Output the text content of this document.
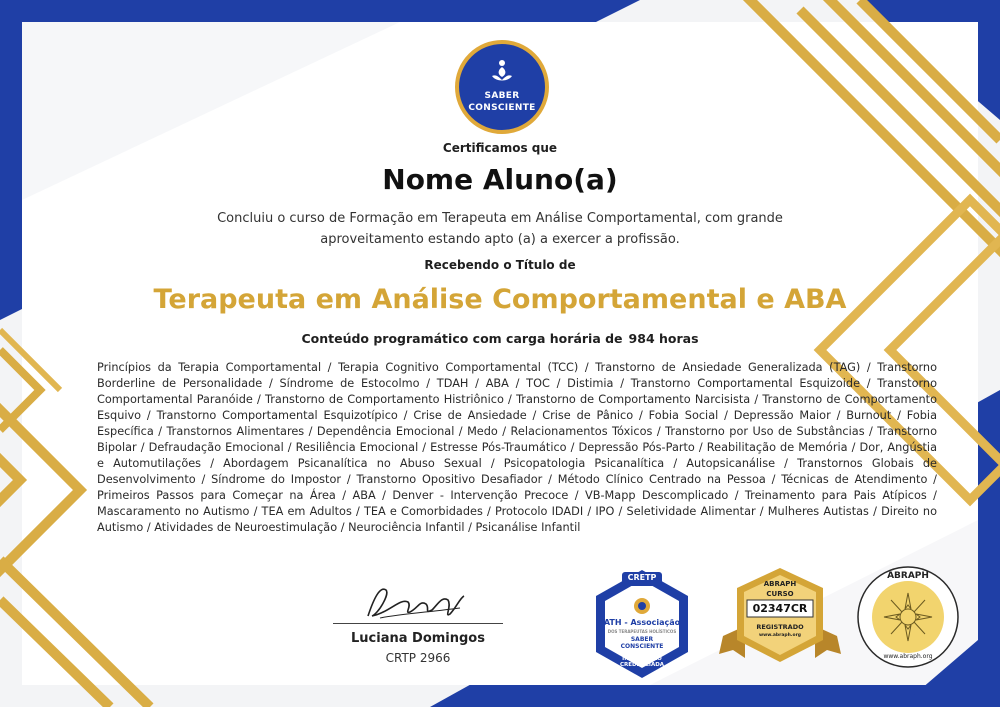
SABER
CONSCIENTE
Certificamos que
Nome Aluno(a)
Concluiu o curso de Formação em Terapeuta em Análise Comportamental, com grande
aproveitamento estando apto (a) a exercer a profissão.
Recebendo o Título de
Terapeuta em Análise Comportamental e ABA
Conteúdo programático com carga horária de 984 horas
Princípios da Terapia Comportamental / Terapia Cognitivo Comportamental (TCC) / Transtorno de Ansiedade Generalizada (TAG) / Transtorno Borderline de Personalidade / Síndrome de Estocolmo / TDAH / ABA / TOC / Distimia / Transtorno Comportamental Esquizoide / Transtorno Comportamental Paranóide / Transtorno de Comportamento Histriônico / Transtorno de Comportamento Narcisista / Transtorno de Comportamento Esquivo / Transtorno Comportamental Esquizotípico / Crise de Ansiedade / Crise de Pânico / Fobia Social / Depressão Maior / Burnout / Fobia Específica / Transtornos Alimentares / Dependência Emocional / Medo / Relacionamentos Tóxicos / Transtorno por Uso de Substâncias / Transtorno Bipolar / Defraudação Emocional / Resiliência Emocional / Estresse Pós-Traumático / Depressão Pós-Parto / Reabilitação de Memória / Dor, Angústia e Automutilações / Abordagem Psicanalítica no Abuso Sexual / Psicopatologia Psicanalítica / Autopsicanálise / Transtornos Globais de Desenvolvimento / Síndrome do Impostor / Transtorno Opositivo Desafiador / Método Clínico Centrado na Pessoa / Técnicas de Atendimento / Primeiros Passos para Começar na Área / ABA / Denver - Intervenção Precoce / VB-Mapp Descomplicado / Treinamento para Pais Atípicos / Mascaramento no Autismo / TEA em Adultos / TEA e Comorbidades / Protocolo IDADI / IPO / Seletividade Alimentar / Mulheres Autistas / Direito no Autismo / Atividades de Neuroestimulação / Neurociência Infantil / Psicanálise Infantil
Luciana Domingos
CRTP 2966
CRETP
ATH - Associação
DOS TERAPEUTAS HOLÍSTICOS
SABER
CONSCIENTE
INSTITUIÇÃO CREDENCIADA
ABRAPH
CURSO
02347CR
REGISTRADO
www.abraph.org
ABRAPH
www.abraph.org
